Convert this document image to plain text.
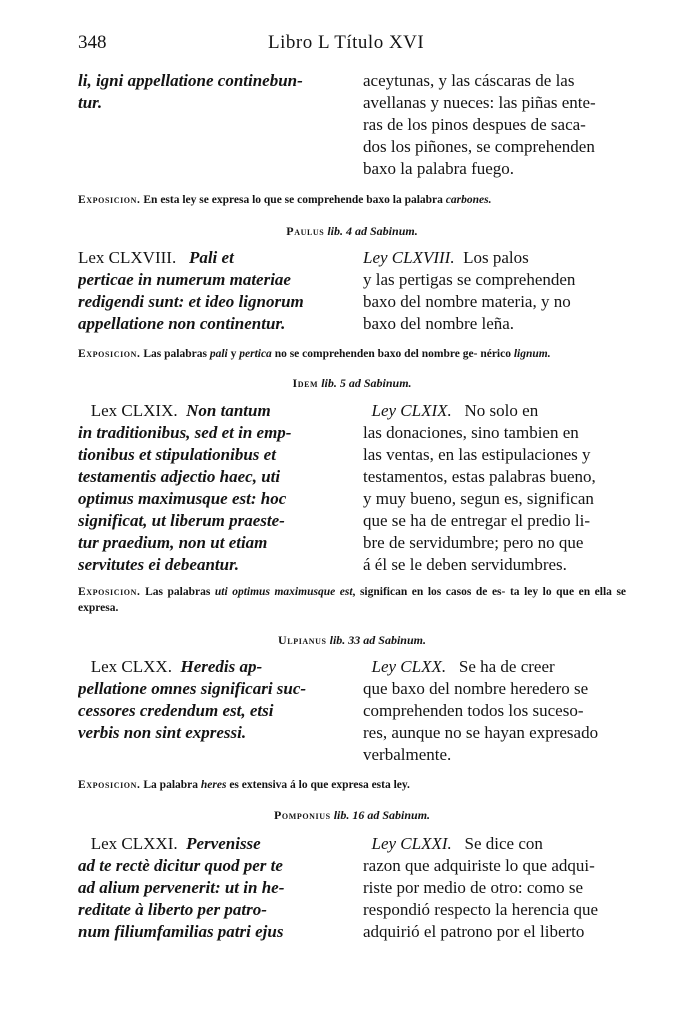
348	Libro L Título XVI
li, igni appellatione continebun-
tur.
aceytunas, y las cáscaras de las
avellanas y nueces: las piñas ente-
ras de los pinos despues de saca-
dos los piñones, se comprehenden
baxo la palabra fuego.
Exposicion. En esta ley se expresa lo que se comprehende baxo la palabra carbones.
Paulus lib. 4 ad Sabinum.
Lex CLXVIII. Pali et
perticae in numerum materiae
redigendi sunt: et ideo lignorum
appellatione non continentur.
Ley CLXVIII. Los palos
y las pertigas se comprehenden
baxo del nombre materia, y no
baxo del nombre leña.
Exposicion. Las palabras pali y pertica no se comprehenden baxo del nombre ge- nérico lignum.
Idem lib. 5 ad Sabinum.
Lex CLXIX. Non tantum
in traditionibus, sed et in emp-
tionibus et stipulationibus et
testamentis adjectio haec, uti
optimus maximusque est: hoc
significat, ut liberum praeste-
tur praedium, non ut etiam
servitutes ei debeantur.
Ley CLXIX. No solo en
las donaciones, sino tambien en
las ventas, en las estipulaciones y
testamentos, estas palabras bueno,
y muy bueno, segun es, significan
que se ha de entregar el predio li-
bre de servidumbre; pero no que
á él se le deben servidumbres.
Exposicion. Las palabras uti optimus maximusque est, significan en los casos de es- ta ley lo que en ella se expresa.
Ulpianus lib. 33 ad Sabinum.
Lex CLXX. Heredis ap-
pellatione omnes significari suc-
cessores credendum est, etsi
verbis non sint expressi.
Ley CLXX. Se ha de creer
que baxo del nombre heredero se
comprehenden todos los suceso-
res, aunque no se hayan expresado
verbalmente.
Exposicion. La palabra heres es extensiva á lo que expresa esta ley.
Pomponius lib. 16 ad Sabinum.
Lex CLXXI. Pervenisse
ad te rectè dicitur quod per te
ad alium pervenerit: ut in he-
reditate à liberto per patro-
num filiumfamilias patri ejus
Ley CLXXI. Se dice con
razon que adquiriste lo que adqui-
riste por medio de otro: como se
respondió respecto la herencia que
adquirió el patrono por el liberto
